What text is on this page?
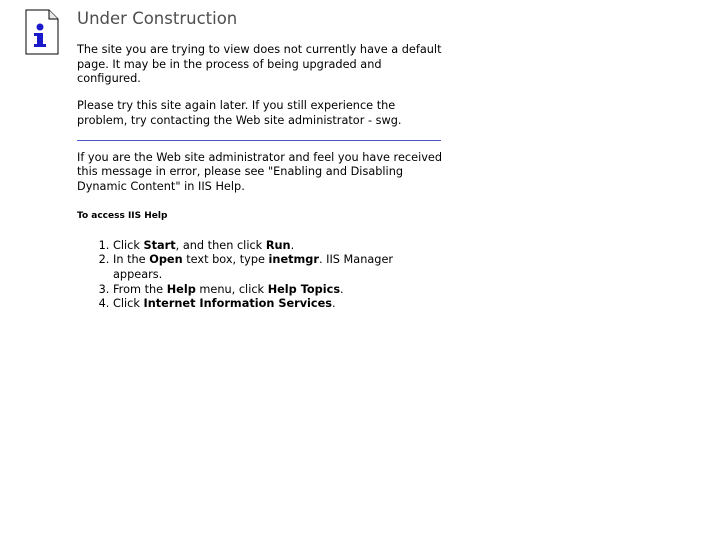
Under Construction

The site you are trying to view does not currently have a default page. It may be in the process of being upgraded and configured.

Please try this site again later. If you still experience the problem, try contacting the Web site administrator - swg.

If you are the Web site administrator and feel you have received this message in error, please see "Enabling and Disabling Dynamic Content" in IIS Help.

To access IIS Help
1. Click Start, and then click Run.
2. In the Open text box, type inetmgr. IIS Manager appears.
3. From the Help menu, click Help Topics.
4. Click Internet Information Services.
